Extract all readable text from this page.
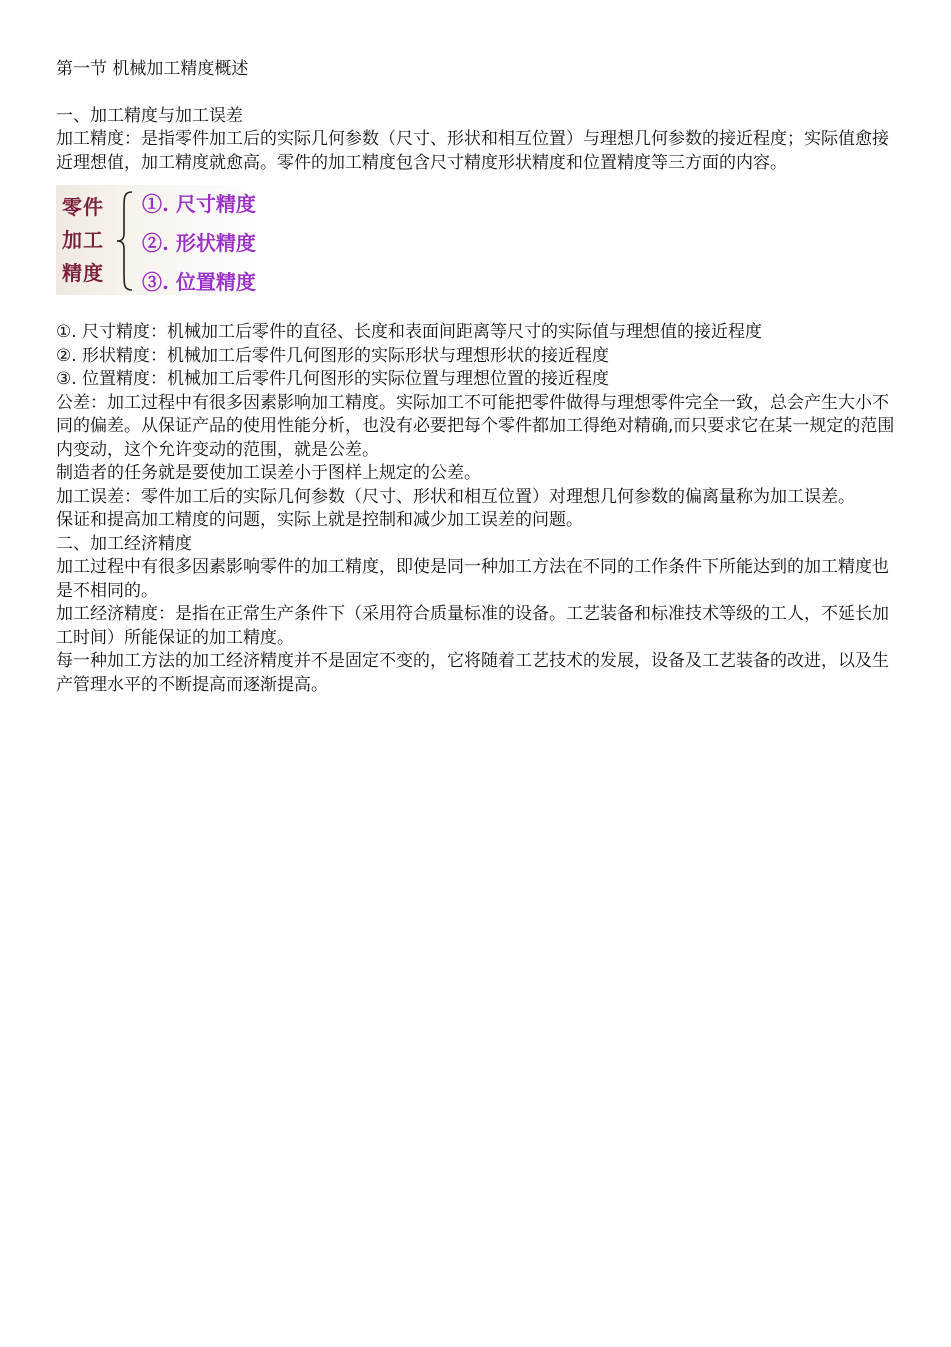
第一节 机械加工精度概述

一、加工精度与加工误差

加工精度：是指零件加工后的实际几何参数（尺寸、形状和相互位置）与理想几何参数的接近程度；实际值愈接近理想值，加工精度就愈高。零件的加工精度包含尺寸精度形状精度和位置精度等三方面的内容。

零件
加工
精度
①. 尺寸精度
②. 形状精度
③. 位置精度

①. 尺寸精度：机械加工后零件的直径、长度和表面间距离等尺寸的实际值与理想值的接近程度

②. 形状精度：机械加工后零件几何图形的实际形状与理想形状的接近程度

③. 位置精度：机械加工后零件几何图形的实际位置与理想位置的接近程度

公差：加工过程中有很多因素影响加工精度。实际加工不可能把零件做得与理想零件完全一致，总会产生大小不同的偏差。从保证产品的使用性能分析，也没有必要把每个零件都加工得绝对精确,而只要求它在某一规定的范围内变动，这个允许变动的范围，就是公差。

制造者的任务就是要使加工误差小于图样上规定的公差。

加工误差：零件加工后的实际几何参数（尺寸、形状和相互位置）对理想几何参数的偏离量称为加工误差。

保证和提高加工精度的问题，实际上就是控制和减少加工误差的问题。

二、加工经济精度

加工过程中有很多因素影响零件的加工精度，即使是同一种加工方法在不同的工作条件下所能达到的加工精度也是不相同的。

加工经济精度：是指在正常生产条件下（采用符合质量标准的设备。工艺装备和标准技术等级的工人，不延长加工时间）所能保证的加工精度。

每一种加工方法的加工经济精度并不是固定不变的，它将随着工艺技术的发展，设备及工艺装备的改进，以及生产管理水平的不断提高而逐渐提高。
